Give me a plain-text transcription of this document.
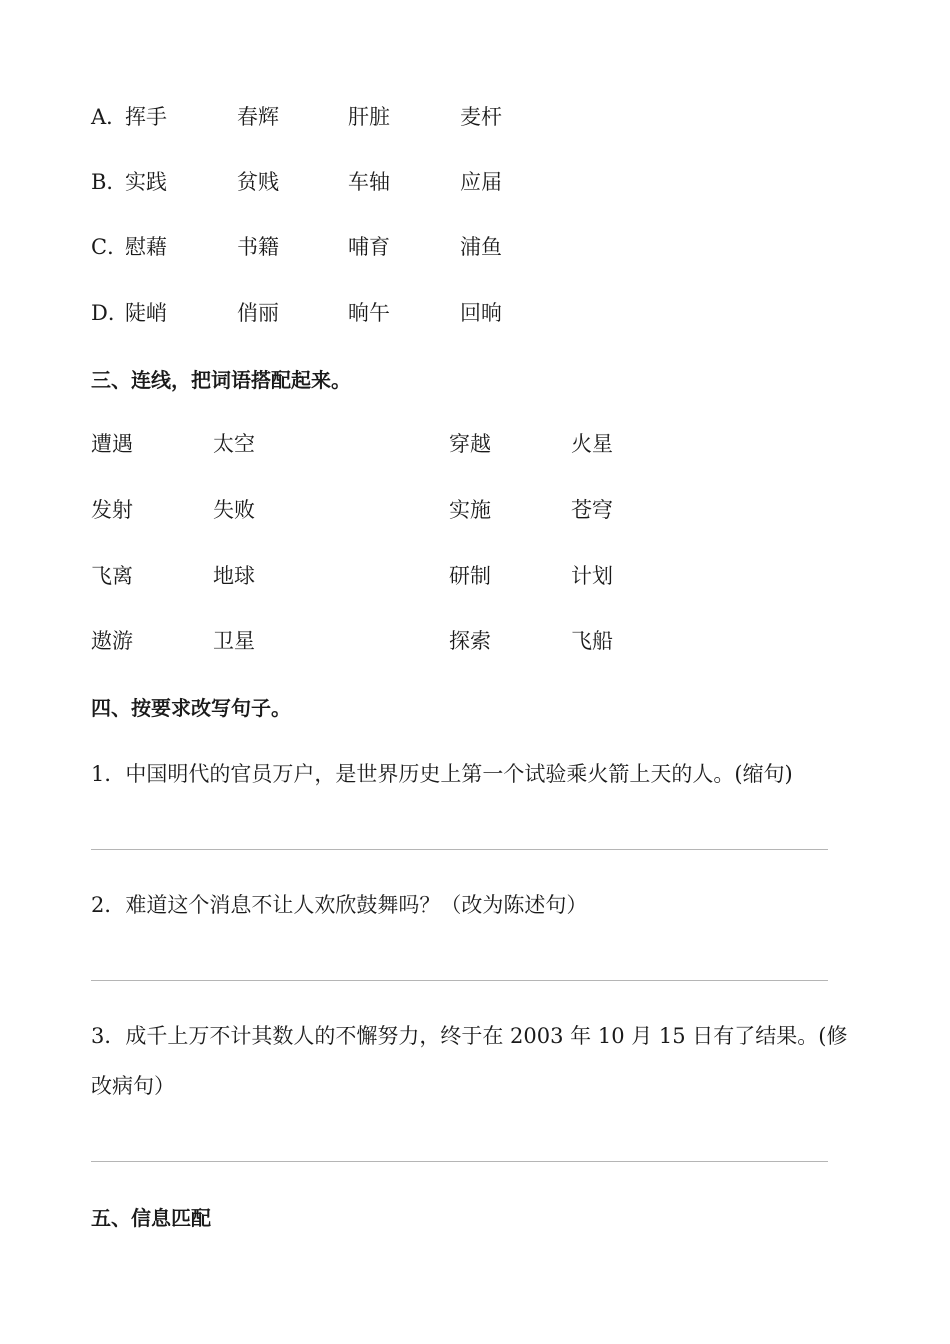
A．
挥手	春辉	肝脏	麦杆
B．
实践	贫贱	车轴	应届
C．
慰藉	书籍	哺育	浦鱼
D．
陡峭	俏丽	晌午	回晌
三、连线，把词语搭配起来。
遭遇	太空	穿越	火星
发射	失败	实施	苍穹
飞离	地球	研制	计划
遨游	卫星	探索	飞船
四、按要求改写句子。
1．中国明代的官员万户，是世界历史上第一个试验乘火箭上天的人。(缩句)
2．难道这个消息不让人欢欣鼓舞吗？（改为陈述句）
3．成千上万不计其数人的不懈努力，终于在 2003 年 10 月 15 日有了结果。(修
改病句）
五、信息匹配
